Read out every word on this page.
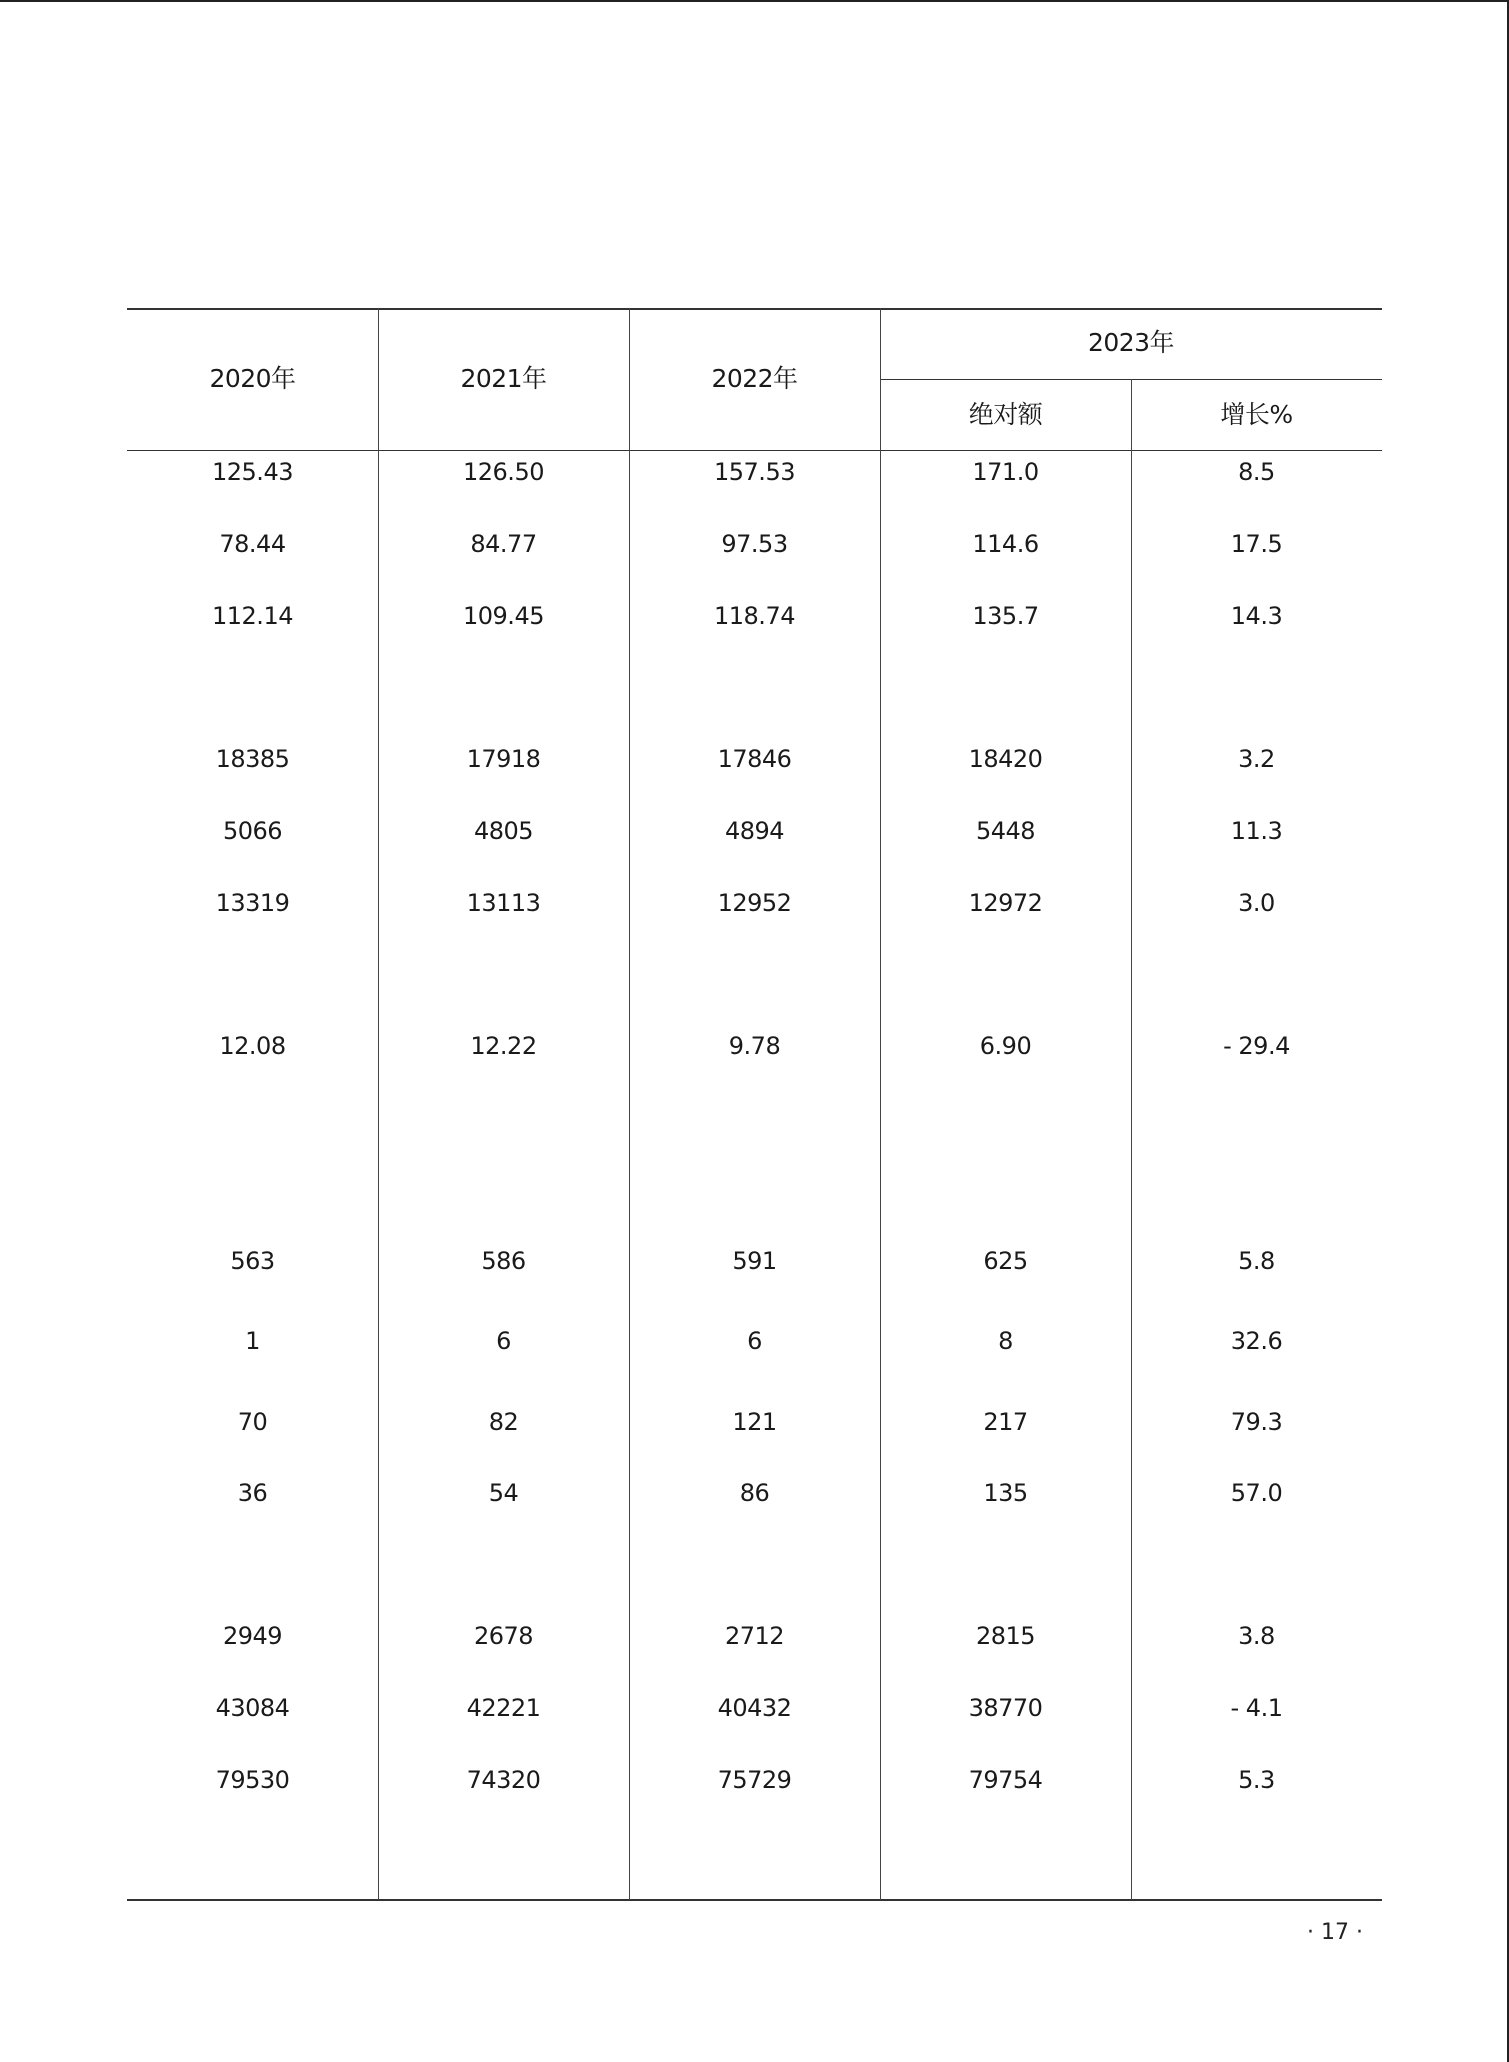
2020年	2021年	2022年
2023年
绝对额	增长%
125.43	126.50	157.53	171.0	8.5
78.44	84.77	97.53	114.6	17.5
112.14	109.45	118.74	135.7	14.3
18385	17918	17846	18420	3.2
5066	4805	4894	5448	11.3
13319	13113	12952	12972	3.0
12.08	12.22	9.78	6.90	- 29.4
563	586	591	625	5.8
1	6	6	8	32.6
70	82	121	217	79.3
36	54	86	135	57.0
2949	2678	2712	2815	3.8
43084	42221	40432	38770	- 4.1
79530	74320	75729	79754	5.3
· 17 ·
